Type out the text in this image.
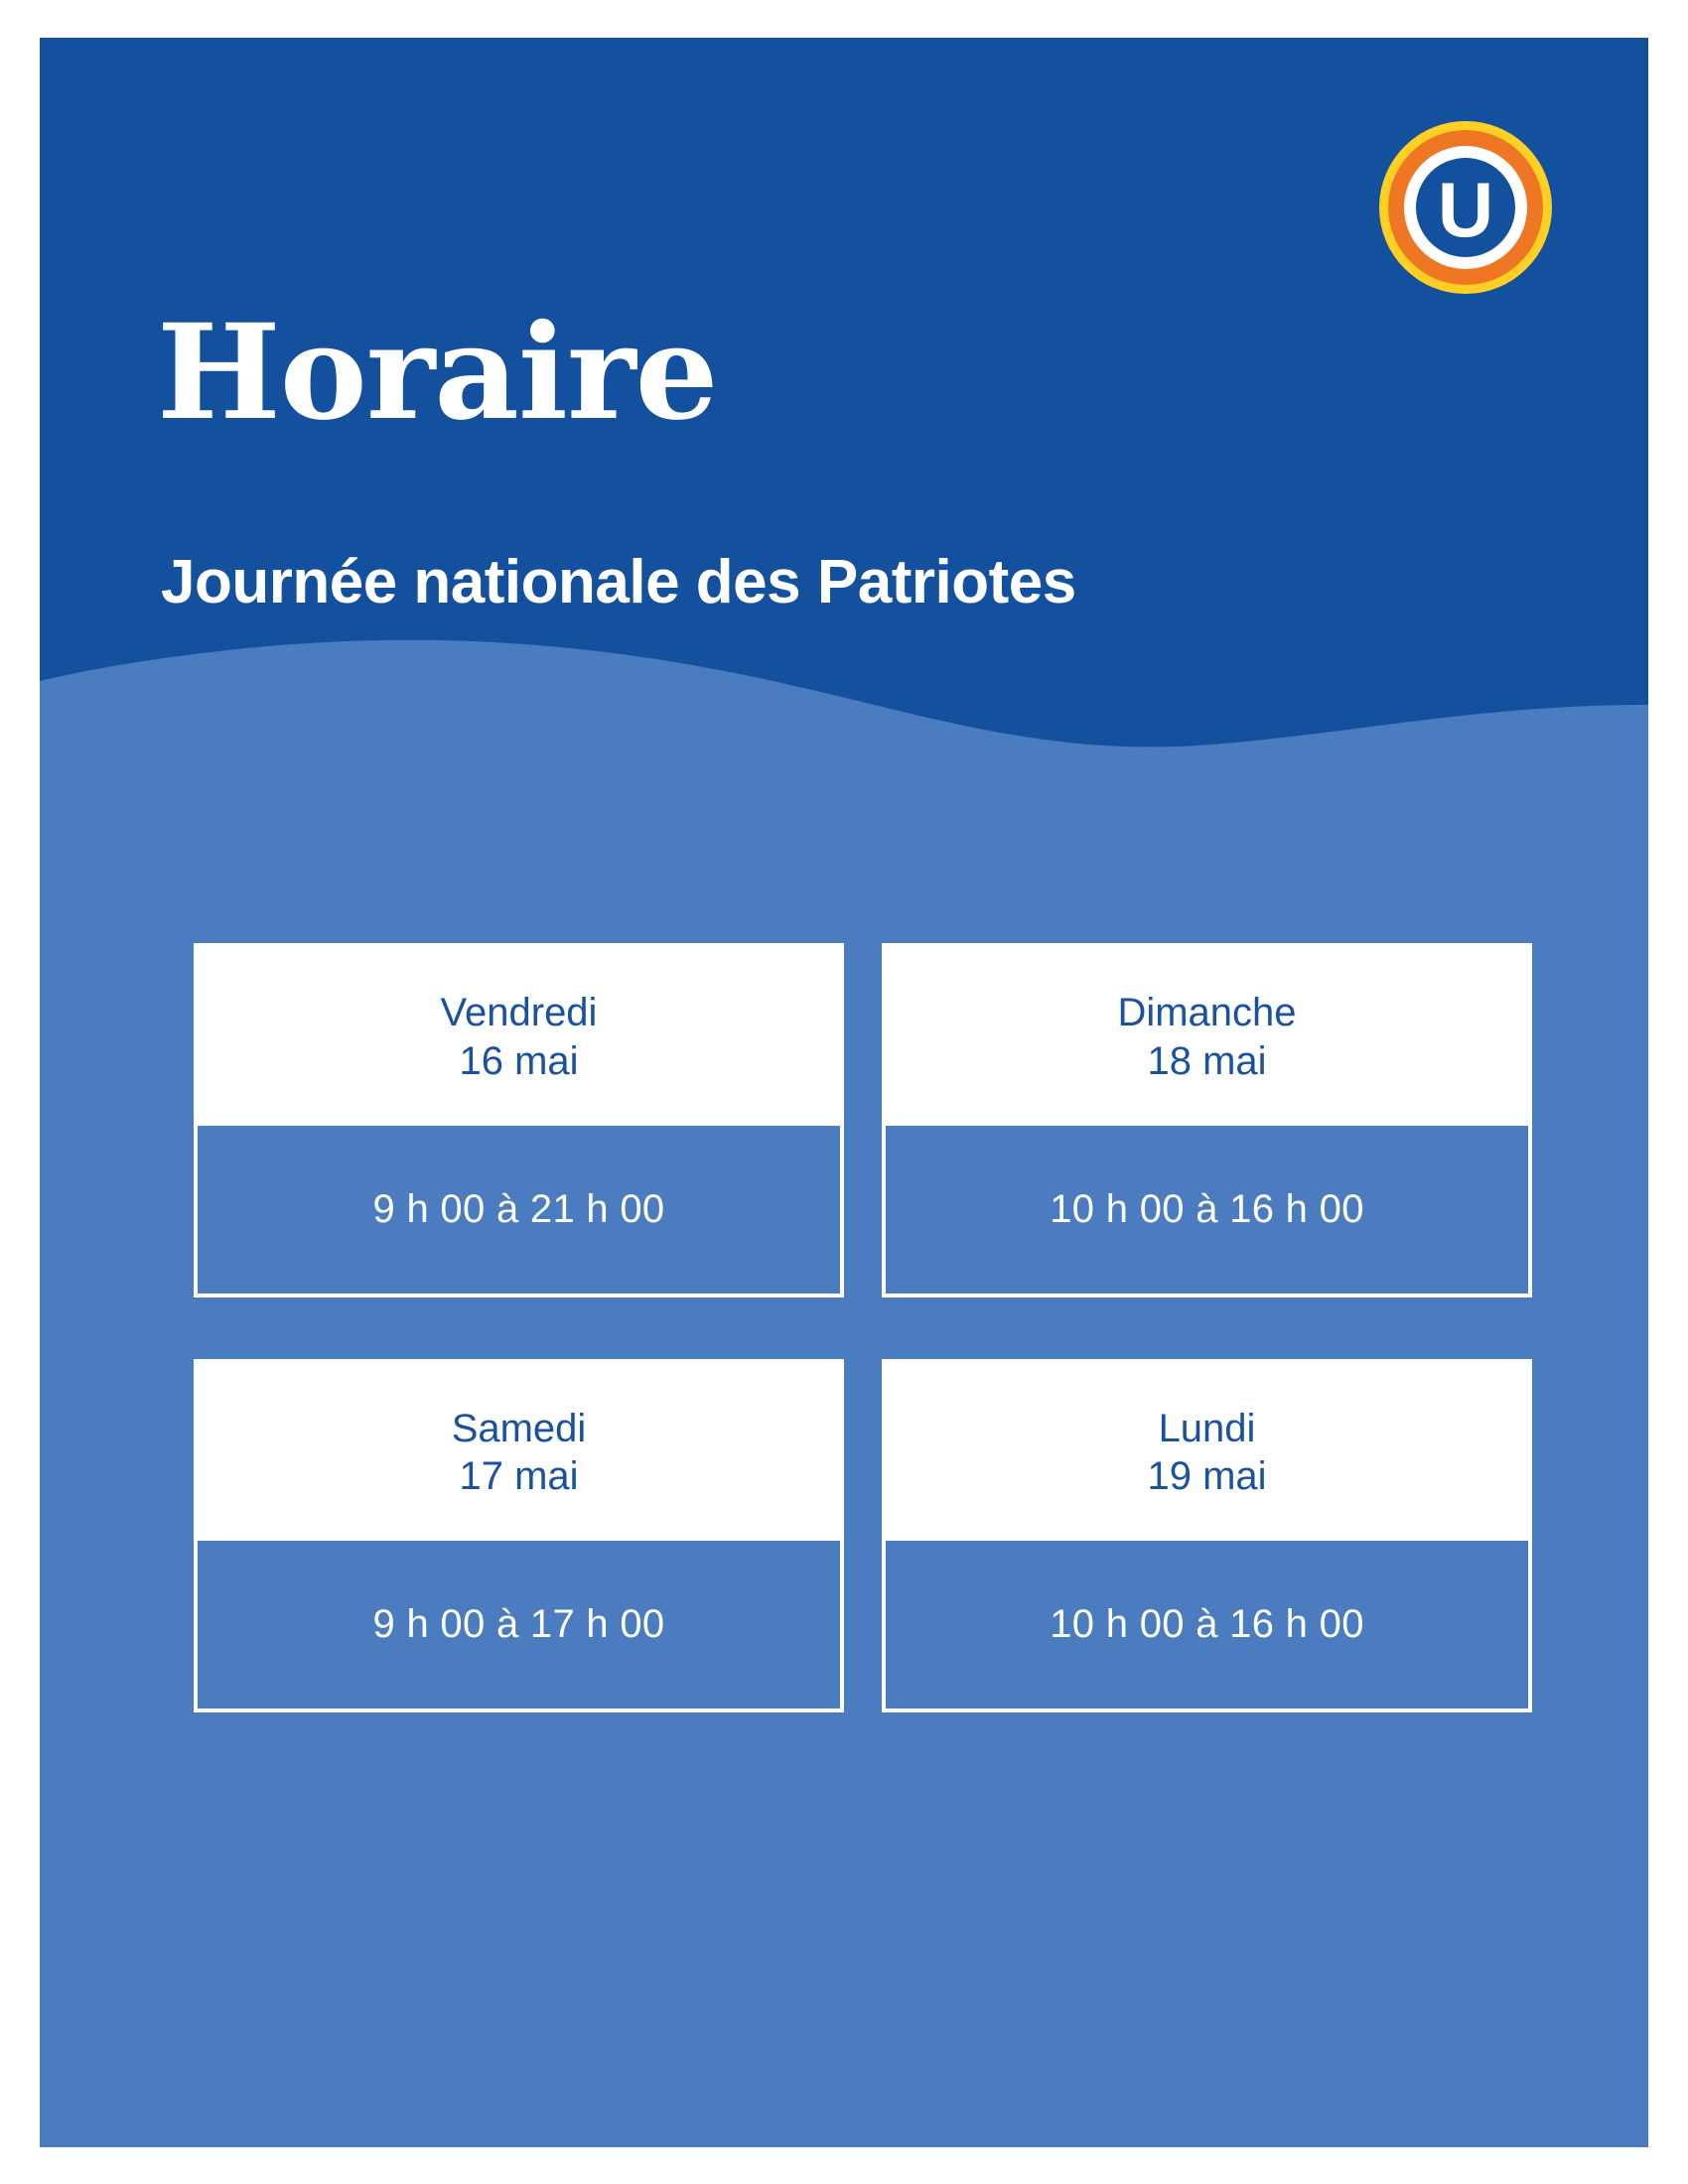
U
Horaire
Journée nationale des Patriotes
Vendredi
16 mai
9 h 00 à 21 h 00
Dimanche
18 mai
10 h 00 à 16 h 00
Samedi
17 mai
9 h 00 à 17 h 00
Lundi
19 mai
10 h 00 à 16 h 00
